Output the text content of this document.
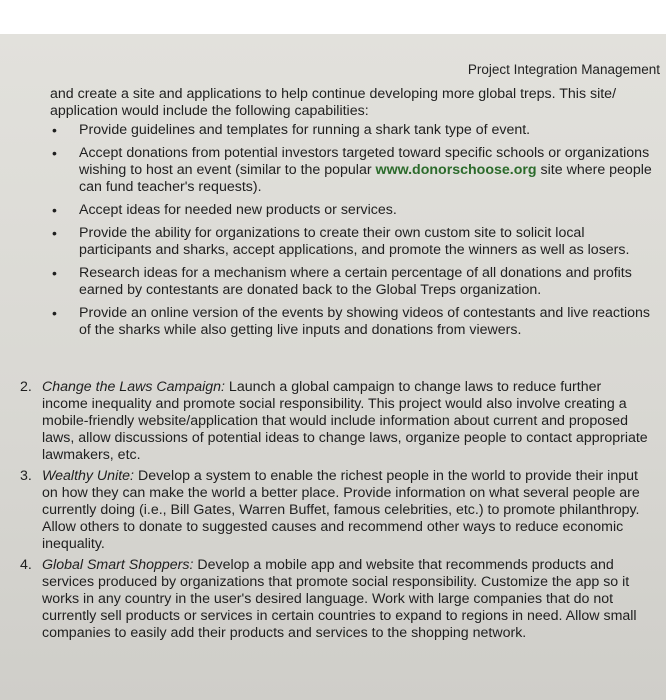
Project Integration Management

and create a site and applications to help continue developing more global treps. This site/ application would include the following capabilities:

• Provide guidelines and templates for running a shark tank type of event.
• Accept donations from potential investors targeted toward specific schools or organizations wishing to host an event (similar to the popular www.donorschoose.org site where people can fund teacher's requests).
• Accept ideas for needed new products or services.
• Provide the ability for organizations to create their own custom site to solicit local participants and sharks, accept applications, and promote the winners as well as losers.
• Research ideas for a mechanism where a certain percentage of all donations and profits earned by contestants are donated back to the Global Treps organization.
• Provide an online version of the events by showing videos of contestants and live reactions of the sharks while also getting live inputs and donations from viewers.
2. Change the Laws Campaign: Launch a global campaign to change laws to reduce further income inequality and promote social responsibility. This project would also involve creating a mobile-friendly website/application that would include information about current and proposed laws, allow discussions of potential ideas to change laws, organize people to contact appropriate lawmakers, etc.
3. Wealthy Unite: Develop a system to enable the richest people in the world to provide their input on how they can make the world a better place. Provide information on what several people are currently doing (i.e., Bill Gates, Warren Buffet, famous celebrities, etc.) to promote philanthropy. Allow others to donate to suggested causes and recommend other ways to reduce economic inequality.
4. Global Smart Shoppers: Develop a mobile app and website that recommends products and services produced by organizations that promote social responsibility. Customize the app so it works in any country in the user's desired language. Work with large companies that do not currently sell products or services in certain countries to expand to regions in need. Allow small companies to easily add their products and services to the shopping network.
